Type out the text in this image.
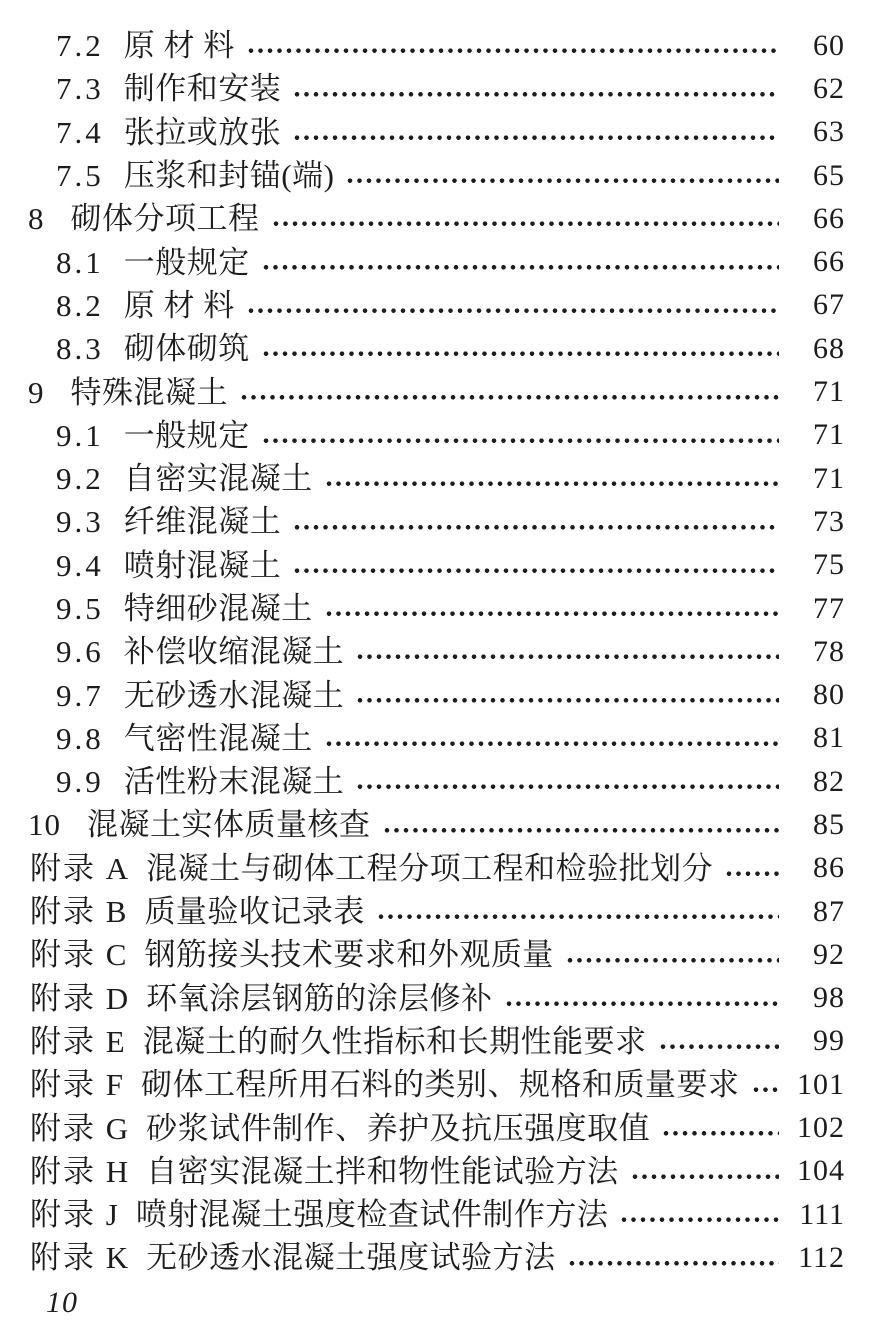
7.2 原 材 料	60
7.3 制作和安装	62
7.4 张拉或放张	63
7.5 压浆和封锚(端)	65
8 砌体分项工程	66
8.1 一般规定	66
8.2 原 材 料	67
8.3 砌体砌筑	68
9 特殊混凝土	71
9.1 一般规定	71
9.2 自密实混凝土	71
9.3 纤维混凝土	73
9.4 喷射混凝土	75
9.5 特细砂混凝土	77
9.6 补偿收缩混凝土	78
9.7 无砂透水混凝土	80
9.8 气密性混凝土	81
9.9 活性粉末混凝土	82
10 混凝土实体质量核查	85
附录 A 混凝土与砌体工程分项工程和检验批划分	86
附录 B 质量验收记录表	87
附录 C 钢筋接头技术要求和外观质量	92
附录 D 环氧涂层钢筋的涂层修补	98
附录 E 混凝土的耐久性指标和长期性能要求	99
附录 F 砌体工程所用石料的类别、规格和质量要求 101
附录 G 砂浆试件制作、养护及抗压强度取值	102
附录 H 自密实混凝土拌和物性能试验方法	104
附录 J 喷射混凝土强度检查试件制作方法	111
附录 K 无砂透水混凝土强度试验方法	112
10
